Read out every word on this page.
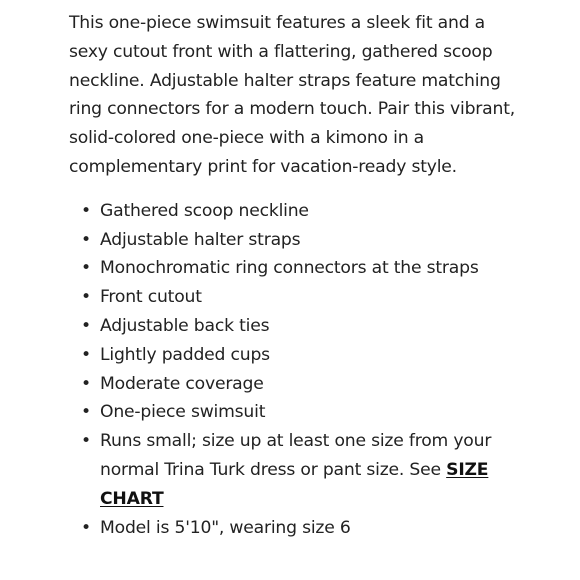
This one-piece swimsuit features a sleek fit and a sexy cutout front with a flattering, gathered scoop neckline. Adjustable halter straps feature matching ring connectors for a modern touch. Pair this vibrant, solid-colored one-piece with a kimono in a complementary print for vacation-ready style.

• Gathered scoop neckline
• Adjustable halter straps
• Monochromatic ring connectors at the straps
• Front cutout
• Adjustable back ties
• Lightly padded cups
• Moderate coverage
• One-piece swimsuit
• Runs small; size up at least one size from your normal Trina Turk dress or pant size. See SIZE CHART
• Model is 5'10", wearing size 6
